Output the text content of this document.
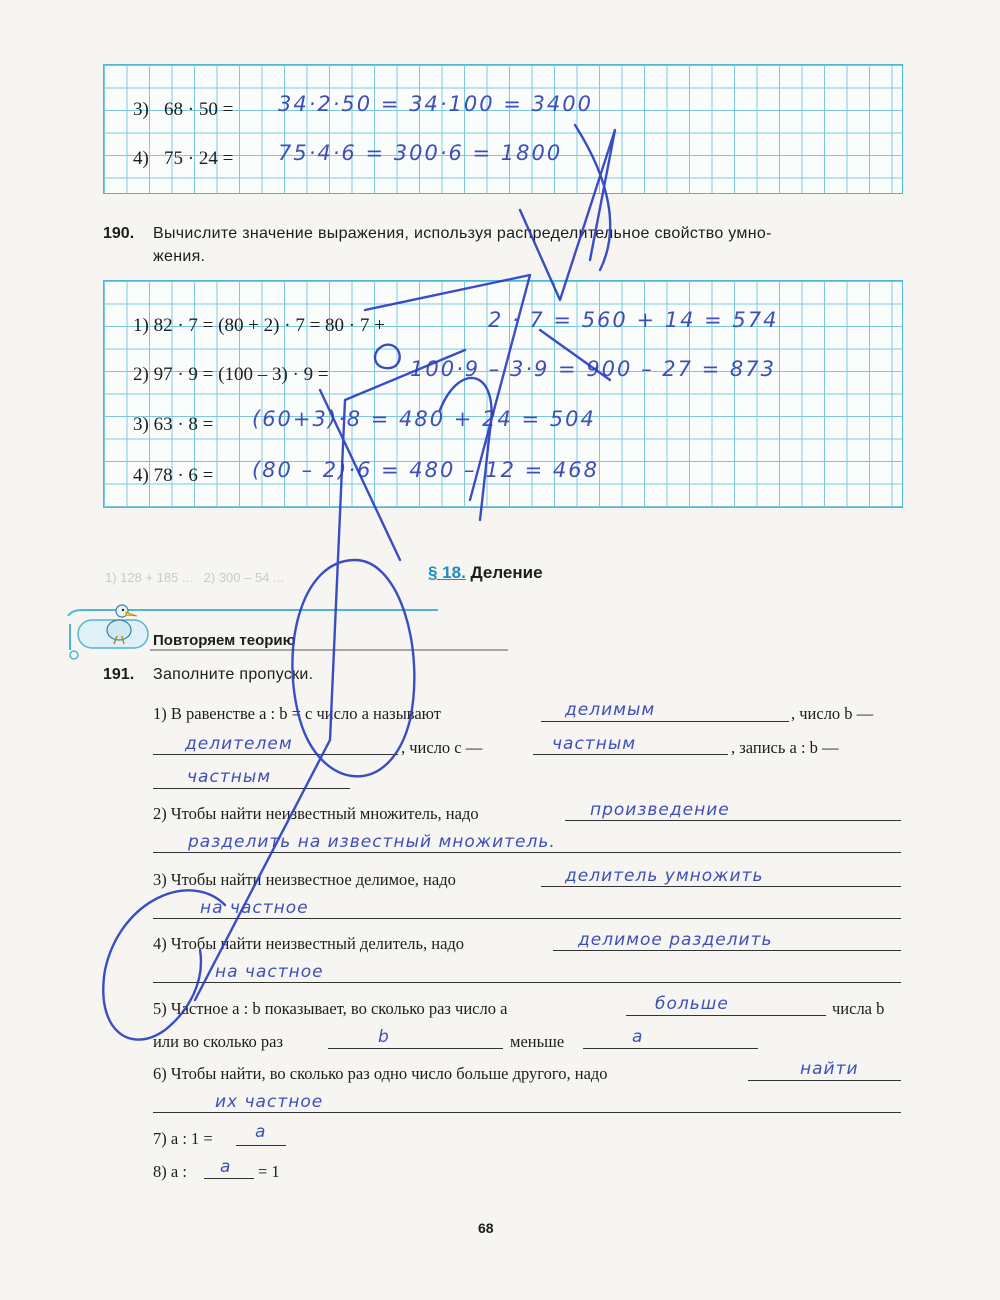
3) 68 · 50 = 34·2·50 = 34·100 = 3400
4) 75 · 24 = 75·4·6 = 300·6 = 1800
190. Вычислите значение выражения, используя распределительное свойство умно-
жения.
1) 82 · 7 = (80 + 2) · 7 = 80 · 7 +	2 · 7 = 560 + 14 = 574
2) 97 · 9 = (100 – 3) · 9 =	100·9 – 3·9 = 900 – 27 = 873
3) 63 · 8 = (60+3)·8 = 480 + 24 = 504
4) 78 · 6 = (80 – 2)·6 = 480 – 12 = 468
1) 128 + 185 ...   2) 300 – 54 ...	§ 18. Деление
Повторяем теорию
191. Заполните пропуски.
1) В равенстве a : b = c число a называют	делимым	, число b —
делителем	, число c —	частным	, запись a : b —
частным
2) Чтобы найти неизвестный множитель, надо	произведение
разделить на известный множитель.
3) Чтобы найти неизвестное делимое, надо	делитель умножить
на частное
4) Чтобы найти неизвестный делитель, надо	делимое разделить
на частное
5) Частное a : b показывает, во сколько раз число a	больше	числа b
или во сколько раз	b	меньше	a
6) Чтобы найти, во сколько раз одно число больше другого, надо	найти
их частное
7) a : 1 = a
8) a : a = 1
68
